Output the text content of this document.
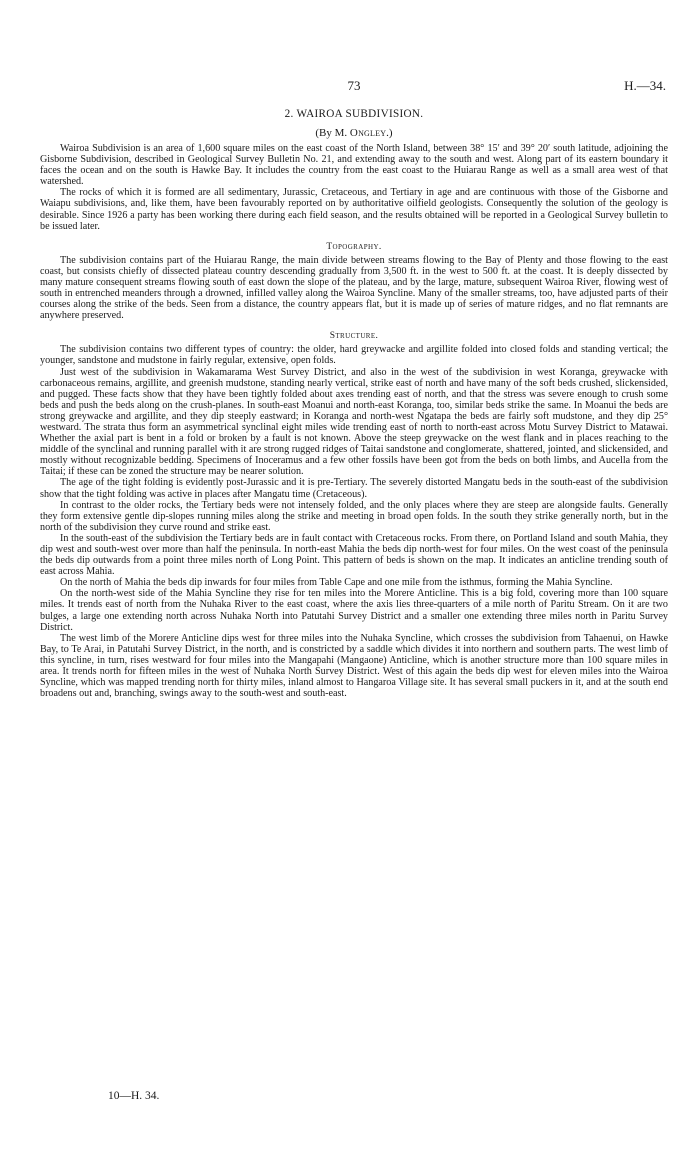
73	H.—34.
2. WAIROA SUBDIVISION.
(By M. Ongley.)

Wairoa Subdivision is an area of 1,600 square miles on the east coast of the North Island, between 38° 15′ and 39° 20′ south latitude, adjoining the Gisborne Subdivision, described in Geological Survey Bulletin No. 21, and extending away to the south and west. Along part of its eastern boundary it faces the ocean and on the south is Hawke Bay. It includes the country from the east coast to the Huiarau Range as well as a small area west of that watershed.

The rocks of which it is formed are all sedimentary, Jurassic, Cretaceous, and Tertiary in age and are continuous with those of the Gisborne and Waiapu subdivisions, and, like them, have been favourably reported on by authoritative oilfield geologists. Consequently the solution of the geology is desirable. Since 1926 a party has been working there during each field season, and the results obtained will be reported in a Geological Survey bulletin to be issued later.

Topography.

The subdivision contains part of the Huiarau Range, the main divide between streams flowing to the Bay of Plenty and those flowing to the east coast, but consists chiefly of dissected plateau country descending gradually from 3,500 ft. in the west to 500 ft. at the coast. It is deeply dissected by many mature consequent streams flowing south of east down the slope of the plateau, and by the large, mature, subsequent Wairoa River, flowing west of south in entrenched meanders through a drowned, infilled valley along the Wairoa Syncline. Many of the smaller streams, too, have adjusted parts of their courses along the strike of the beds. Seen from a distance, the country appears flat, but it is made up of series of mature ridges, and no flat remnants are anywhere preserved.

Structure.

The subdivision contains two different types of country: the older, hard greywacke and argillite folded into closed folds and standing vertical; the younger, sandstone and mudstone in fairly regular, extensive, open folds.

Just west of the subdivision in Wakamarama West Survey District, and also in the west of the subdivision in west Koranga, greywacke with carbonaceous remains, argillite, and greenish mudstone, standing nearly vertical, strike east of north and have many of the soft beds crushed, slickensided, and pugged. These facts show that they have been tightly folded about axes trending east of north, and that the stress was severe enough to crush some beds and push the beds along on the crush-planes. In south-east Moanui and north-east Koranga, too, similar beds strike the same. In Moanui the beds are strong greywacke and argillite, and they dip steeply eastward; in Koranga and north-west Ngatapa the beds are fairly soft mudstone, and they dip 25° westward. The strata thus form an asymmetrical synclinal eight miles wide trending east of north to north-east across Motu Survey District to Matawai. Whether the axial part is bent in a fold or broken by a fault is not known. Above the steep greywacke on the west flank and in places reaching to the middle of the synclinal and running parallel with it are strong rugged ridges of Taitai sandstone and conglomerate, shattered, jointed, and slickensided, and mostly without recognizable bedding. Specimens of Inoceramus and a few other fossils have been got from the beds on both limbs, and Aucella from the Taitai; if these can be zoned the structure may be nearer solution.

The age of the tight folding is evidently post-Jurassic and it is pre-Tertiary. The severely distorted Mangatu beds in the south-east of the subdivision show that the tight folding was active in places after Mangatu time (Cretaceous).

In contrast to the older rocks, the Tertiary beds were not intensely folded, and the only places where they are steep are alongside faults. Generally they form extensive gentle dip-slopes running miles along the strike and meeting in broad open folds. In the south they strike generally north, but in the north of the subdivision they curve round and strike east.

In the south-east of the subdivision the Tertiary beds are in fault contact with Cretaceous rocks. From there, on Portland Island and south Mahia, they dip west and south-west over more than half the peninsula. In north-east Mahia the beds dip north-west for four miles. On the west coast of the peninsula the beds dip outwards from a point three miles north of Long Point. This pattern of beds is shown on the map. It indicates an anticline trending south of east across Mahia.

On the north of Mahia the beds dip inwards for four miles from Table Cape and one mile from the isthmus, forming the Mahia Syncline.

On the north-west side of the Mahia Syncline they rise for ten miles into the Morere Anticline. This is a big fold, covering more than 100 square miles. It trends east of north from the Nuhaka River to the east coast, where the axis lies three-quarters of a mile north of Paritu Stream. On it are two bulges, a large one extending north across Nuhaka North into Patutahi Survey District and a smaller one extending three miles north in Paritu Survey District.

The west limb of the Morere Anticline dips west for three miles into the Nuhaka Syncline, which crosses the subdivision from Tahaenui, on Hawke Bay, to Te Arai, in Patutahi Survey District, in the north, and is constricted by a saddle which divides it into northern and southern parts. The west limb of this syncline, in turn, rises westward for four miles into the Mangapahi (Mangaone) Anticline, which is another structure more than 100 square miles in area. It trends north for fifteen miles in the west of Nuhaka North Survey District. West of this again the beds dip west for eleven miles into the Wairoa Syncline, which was mapped trending north for thirty miles, inland almost to Hangaroa Village site. It has several small puckers in it, and at the south end broadens out and, branching, swings away to the south-west and south-east.

10—H. 34.
